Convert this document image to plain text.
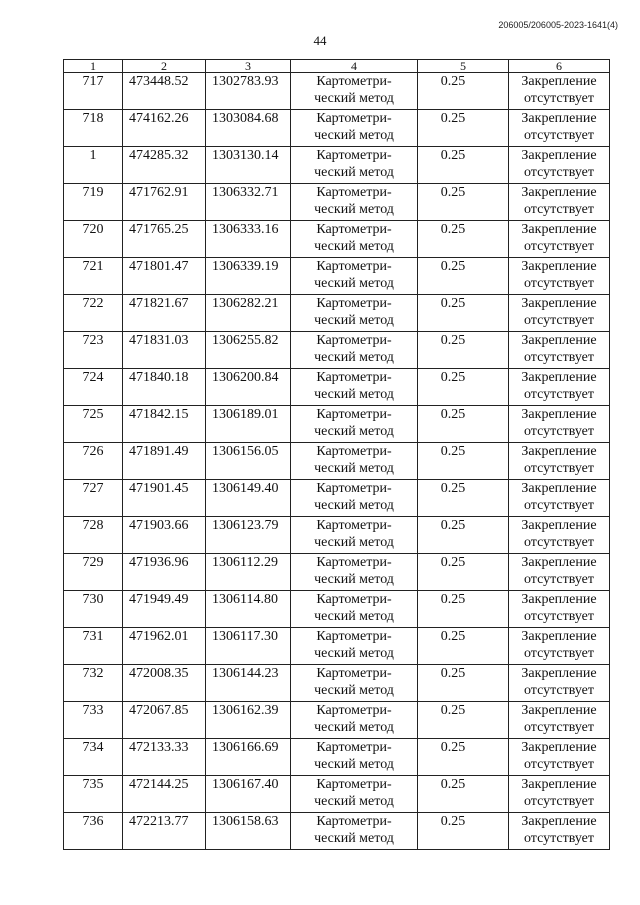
206005/206005-2023-1641(4)
44
1	2	3	4	5	6
717	473448.52	1302783.93	Картометри-
ческий метод	0.25	Закрепление
отсутствует
718	474162.26	1303084.68	Картометри-
ческий метод	0.25	Закрепление
отсутствует
1	474285.32	1303130.14	Картометри-
ческий метод	0.25	Закрепление
отсутствует
719	471762.91	1306332.71	Картометри-
ческий метод	0.25	Закрепление
отсутствует
720	471765.25	1306333.16	Картометри-
ческий метод	0.25	Закрепление
отсутствует
721	471801.47	1306339.19	Картометри-
ческий метод	0.25	Закрепление
отсутствует
722	471821.67	1306282.21	Картометри-
ческий метод	0.25	Закрепление
отсутствует
723	471831.03	1306255.82	Картометри-
ческий метод	0.25	Закрепление
отсутствует
724	471840.18	1306200.84	Картометри-
ческий метод	0.25	Закрепление
отсутствует
725	471842.15	1306189.01	Картометри-
ческий метод	0.25	Закрепление
отсутствует
726	471891.49	1306156.05	Картометри-
ческий метод	0.25	Закрепление
отсутствует
727	471901.45	1306149.40	Картометри-
ческий метод	0.25	Закрепление
отсутствует
728	471903.66	1306123.79	Картометри-
ческий метод	0.25	Закрепление
отсутствует
729	471936.96	1306112.29	Картометри-
ческий метод	0.25	Закрепление
отсутствует
730	471949.49	1306114.80	Картометри-
ческий метод	0.25	Закрепление
отсутствует
731	471962.01	1306117.30	Картометри-
ческий метод	0.25	Закрепление
отсутствует
732	472008.35	1306144.23	Картометри-
ческий метод	0.25	Закрепление
отсутствует
733	472067.85	1306162.39	Картометри-
ческий метод	0.25	Закрепление
отсутствует
734	472133.33	1306166.69	Картометри-
ческий метод	0.25	Закрепление
отсутствует
735	472144.25	1306167.40	Картометри-
ческий метод	0.25	Закрепление
отсутствует
736	472213.77	1306158.63	Картометри-
ческий метод	0.25	Закрепление
отсутствует
